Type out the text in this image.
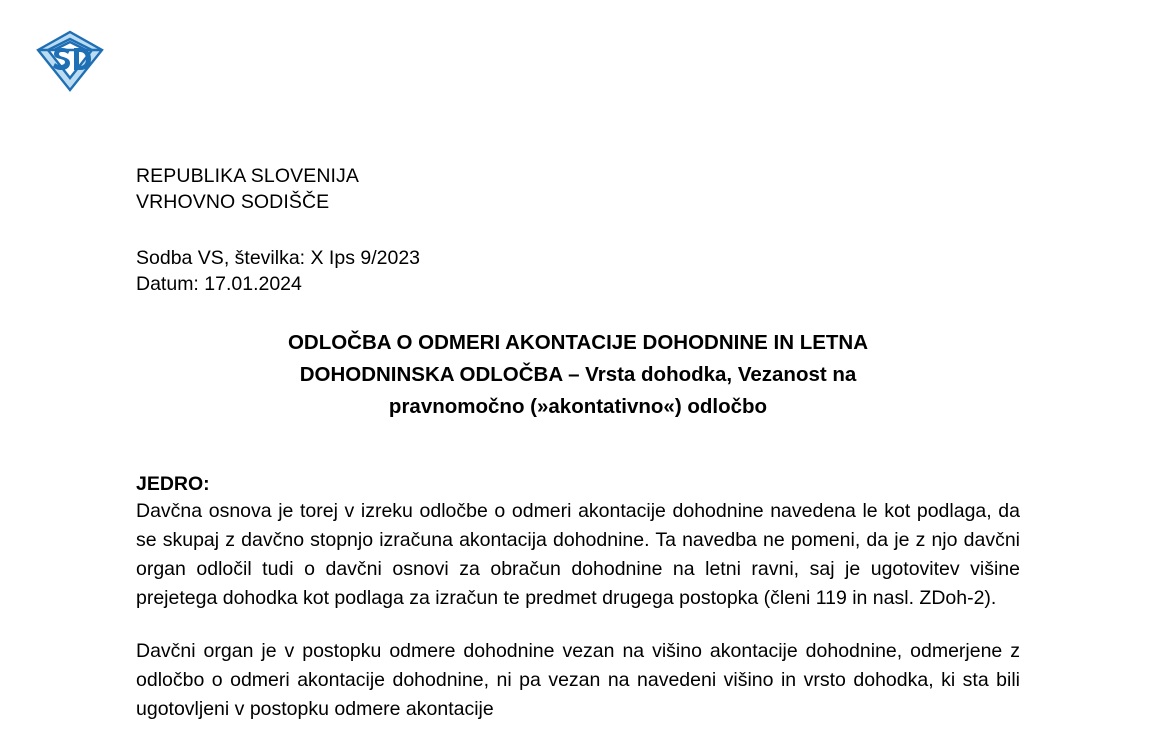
REPUBLIKA SLOVENIJA
VRHOVNO SODIŠČE
Sodba VS, številka: X Ips 9/2023
Datum: 17.01.2024
ODLOČBA O ODMERI AKONTACIJE DOHODNINE IN LETNA
DOHODNINSKA ODLOČBA – Vrsta dohodka, Vezanost na
pravnomočno (»akontativno«) odločbo
JEDRO:

Davčna osnova je torej v izreku odločbe o odmeri akontacije dohodnine navedena le kot podlaga, da se skupaj z davčno stopnjo izračuna akontacija dohodnine. Ta navedba ne pomeni, da je z njo davčni organ odločil tudi o davčni osnovi za obračun dohodnine na letni ravni, saj je ugotovitev višine prejetega dohodka kot podlaga za izračun te predmet drugega postopka (členi 119 in nasl. ZDoh-2).

Davčni organ je v postopku odmere dohodnine vezan na višino akontacije dohodnine, odmerjene z odločbo o odmeri akontacije dohodnine, ni pa vezan na navedeni višino in vrsto dohodka, ki sta bili ugotovljeni v postopku odmere akontacije
